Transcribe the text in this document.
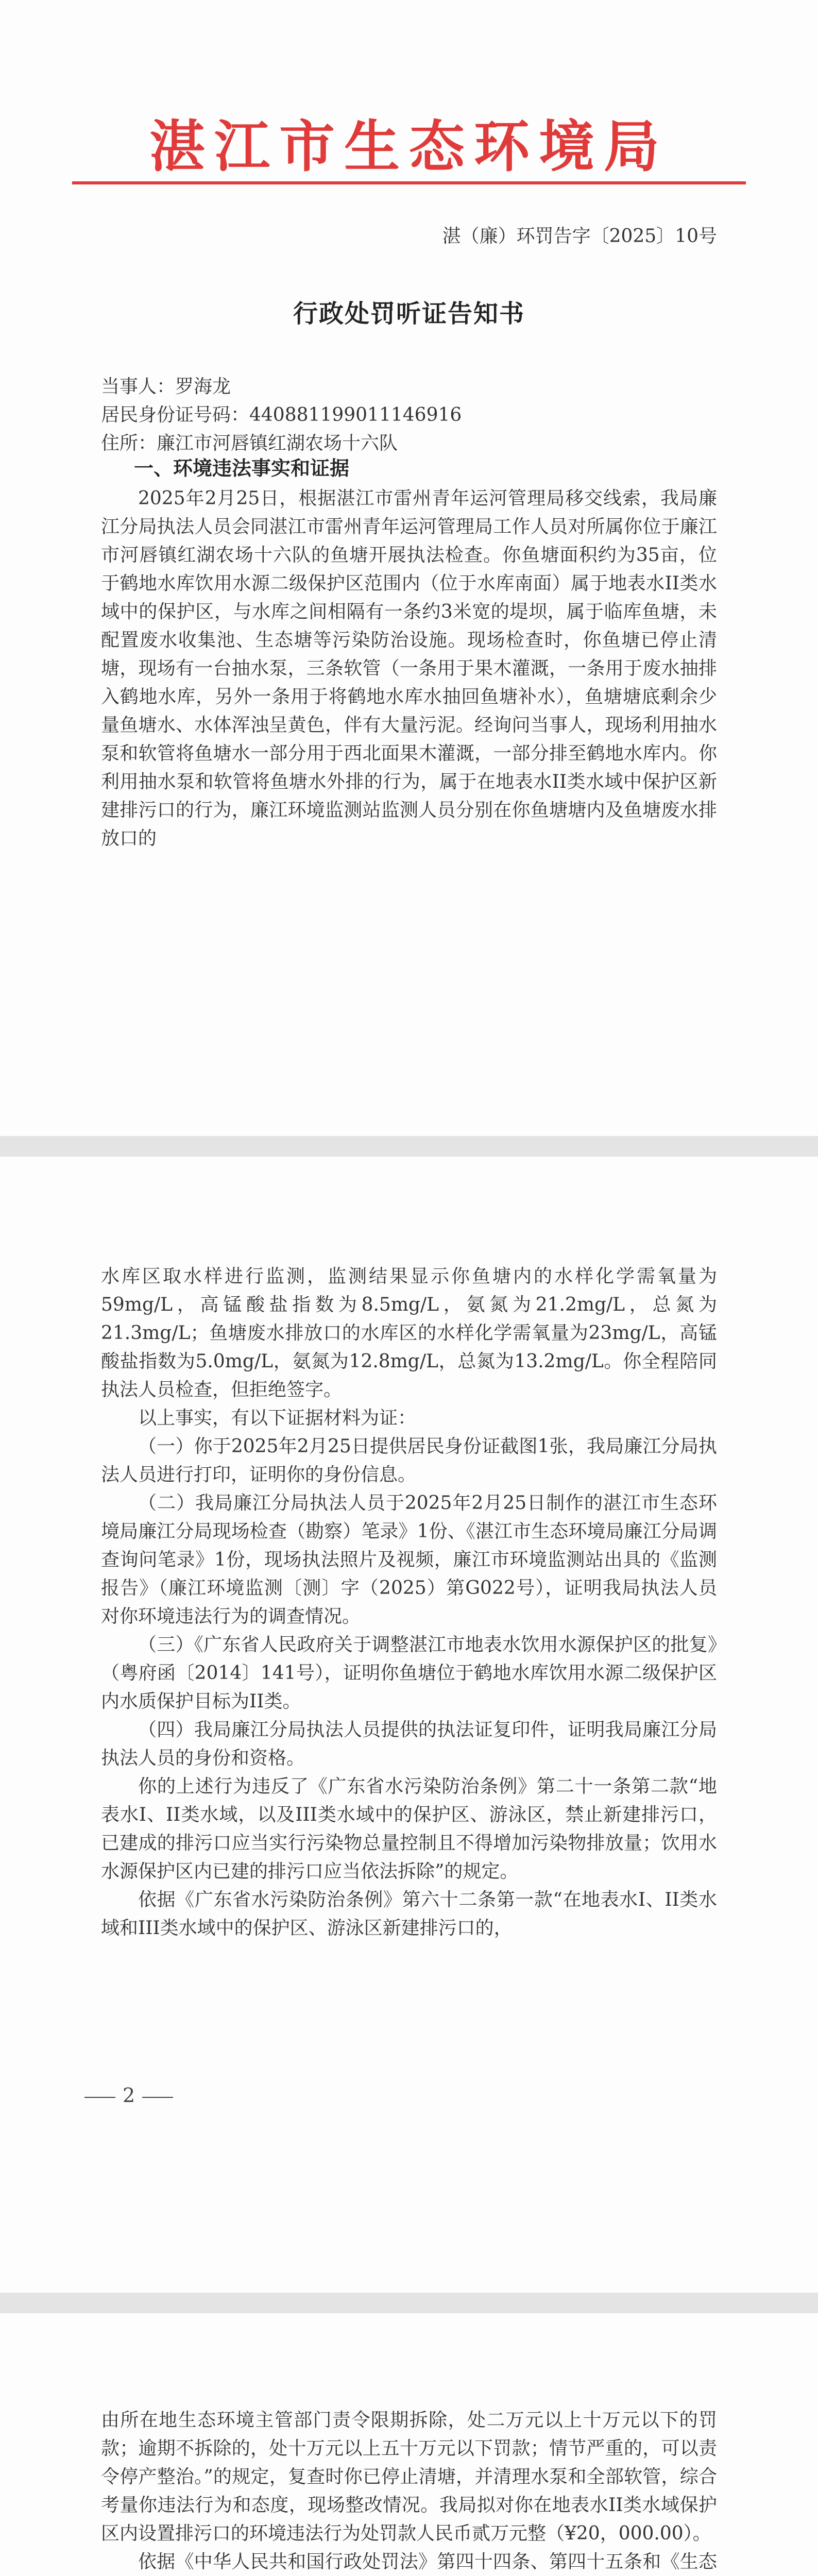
湛江市生态环境局
湛（廉）环罚告字〔2025〕10号
行政处罚听证告知书
当事人：罗海龙
居民身份证号码：440881199011146916
住所：廉江市河唇镇红湖农场十六队
一、环境违法事实和证据

2025年2月25日，根据湛江市雷州青年运河管理局移交线索，我局廉江分局执法人员会同湛江市雷州青年运河管理局工作人员对所属你位于廉江市河唇镇红湖农场十六队的鱼塘开展执法检查。你鱼塘面积约为35亩，位于鹤地水库饮用水源二级保护区范围内（位于水库南面）属于地表水II类水域中的保护区，与水库之间相隔有一条约3米宽的堤坝，属于临库鱼塘，未配置废水收集池、生态塘等污染防治设施。现场检查时，你鱼塘已停止清塘，现场有一台抽水泵，三条软管（一条用于果木灌溉，一条用于废水抽排入鹤地水库，另外一条用于将鹤地水库水抽回鱼塘补水），鱼塘塘底剩余少量鱼塘水、水体浑浊呈黄色，伴有大量污泥。经询问当事人，现场利用抽水泵和软管将鱼塘水一部分用于西北面果木灌溉，一部分排至鹤地水库内。你利用抽水泵和软管将鱼塘水外排的行为，属于在地表水II类水域中保护区新建排污口的行为，廉江环境监测站监测人员分别在你鱼塘塘内及鱼塘废水排放口的

水库区取水样进行监测，监测结果显示你鱼塘内的水样化学需氧量为59mg/L，高锰酸盐指数为8.5mg/L，氨氮为21.2mg/L，总氮为21.3mg/L；鱼塘废水排放口的水库区的水样化学需氧量为23mg/L，高锰酸盐指数为5.0mg/L，氨氮为12.8mg/L，总氮为13.2mg/L。你全程陪同执法人员检查，但拒绝签字。

以上事实，有以下证据材料为证：

（一）你于2025年2月25日提供居民身份证截图1张，我局廉江分局执法人员进行打印，证明你的身份信息。

（二）我局廉江分局执法人员于2025年2月25日制作的湛江市生态环境局廉江分局现场检查（勘察）笔录》1份、《湛江市生态环境局廉江分局调查询问笔录》1份，现场执法照片及视频，廉江市环境监测站出具的《监测报告》（廉江环境监测〔测〕字（2025）第G022号），证明我局执法人员对你环境违法行为的调查情况。

（三）《广东省人民政府关于调整湛江市地表水饮用水源保护区的批复》（粤府函〔2014〕141号），证明你鱼塘位于鹤地水库饮用水源二级保护区内水质保护目标为II类。

（四）我局廉江分局执法人员提供的执法证复印件，证明我局廉江分局执法人员的身份和资格。

你的上述行为违反了《广东省水污染防治条例》第二十一条第二款“地表水I、II类水域，以及III类水域中的保护区、游泳区，禁止新建排污口，已建成的排污口应当实行污染物总量控制且不得增加污染物排放量；饮用水水源保护区内已建的排污口应当依法拆除”的规定。

依据《广东省水污染防治条例》第六十二条第一款“在地表水I、II类水域和III类水域中的保护区、游泳区新建排污口的，

2

由所在地生态环境主管部门责令限期拆除，处二万元以上十万元以下的罚款；逾期不拆除的，处十万元以上五十万元以下罚款；情节严重的，可以责令停产整治。”的规定，复查时你已停止清塘，并清理水泵和全部软管，综合考量你违法行为和态度，现场整改情况。我局拟对你在地表水II类水域保护区内设置排污口的环境违法行为处罚款人民币贰万元整（¥20，000.00）。

依据《中华人民共和国行政处罚法》第四十四条、第四十五条和《生态
